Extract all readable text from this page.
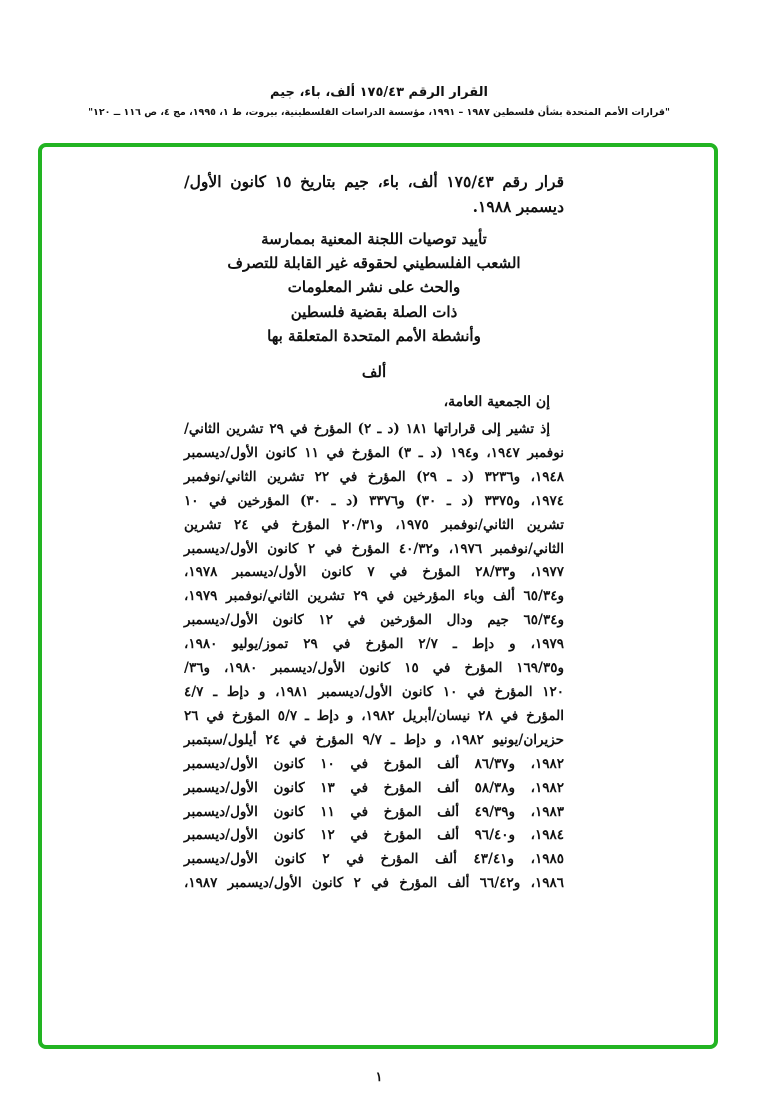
القرار الرقم ١٧٥/٤٣ ألف، باء، جيم
"قرارات الأمم المتحدة بشأن فلسطين ١٩٨٧ – ١٩٩١، مؤسسة الدراسات الفلسطينية، بيروت، ط ١، ١٩٩٥، مج ٤، ص ١١٦ ــ ١٢٠"
قرار رقم ١٧٥/٤٣ ألف، باء، جيم بتاريخ ١٥ كانون الأول/
ديسمبر ١٩٨٨.
تأييد توصيات اللجنة المعنية بممارسة
الشعب الفلسطيني لحقوقه غير القابلة للتصرف
والحث على نشر المعلومات
ذات الصلة بقضية فلسطين
وأنشطة الأمم المتحدة المتعلقة بها
ألف
إن الجمعية العامة،
إذ تشير إلى قراراتها ١٨١ (د ـ ٢) المؤرخ في ٢٩ تشرين الثاني/
نوفمبر ١٩٤٧، و١٩٤ (د ـ ٣) المؤرخ في ١١ كانون الأول/ديسمبر
١٩٤٨، و٣٢٣٦ (د ـ ٢٩) المؤرخ في ٢٢ تشرين الثاني/نوفمبر
١٩٧٤، و٣٣٧٥ (د ـ ٣٠) و٣٣٧٦ (د ـ ٣٠) المؤرخين في ١٠
تشرين الثاني/نوفمبر ١٩٧٥، و٢٠/٣١ المؤرخ في ٢٤ تشرين
الثاني/نوفمبر ١٩٧٦، و٤٠/٣٢ المؤرخ في ٢ كانون الأول/ديسمبر
١٩٧٧، و٢٨/٣٣ المؤرخ في ٧ كانون الأول/ديسمبر ١٩٧٨،
و٦٥/٣٤ ألف وباء المؤرخين في ٢٩ تشرين الثاني/نوفمبر ١٩٧٩،
و٦٥/٣٤ جيم ودال المؤرخين في ١٢ كانون الأول/ديسمبر
١٩٧٩، و دإط ـ ٢/٧ المؤرخ في ٢٩ تموز/يوليو ١٩٨٠،
و١٦٩/٣٥ المؤرخ في ١٥ كانون الأول/ديسمبر ١٩٨٠، و٣٦/
١٢٠ المؤرخ في ١٠ كانون الأول/ديسمبر ١٩٨١، و دإط ـ ٤/٧
المؤرخ في ٢٨ نيسان/أبريل ١٩٨٢، و دإط ـ ٥/٧ المؤرخ في ٢٦
حزيران/يونيو ١٩٨٢، و دإط ـ ٩/٧ المؤرخ في ٢٤ أيلول/سبتمبر
١٩٨٢، و٨٦/٣٧ ألف المؤرخ في ١٠ كانون الأول/ديسمبر
١٩٨٢، و٥٨/٣٨ ألف المؤرخ في ١٣ كانون الأول/ديسمبر
١٩٨٣، و٤٩/٣٩ ألف المؤرخ في ١١ كانون الأول/ديسمبر
١٩٨٤، و٩٦/٤٠ ألف المؤرخ في ١٢ كانون الأول/ديسمبر
١٩٨٥، و٤٣/٤١ ألف المؤرخ في ٢ كانون الأول/ديسمبر
١٩٨٦، و٦٦/٤٢ ألف المؤرخ في ٢ كانون الأول/ديسمبر ١٩٨٧،
١
